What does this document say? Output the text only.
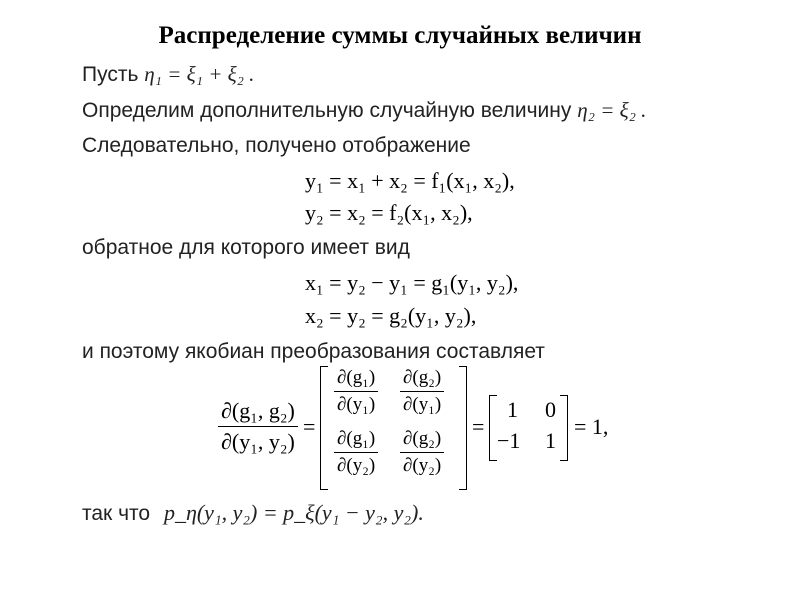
Распределение суммы случайных величин
Пусть η₁ = ξ₁ + ξ₂ .
Определим дополнительную случайную величину η₂ = ξ₂ .
Следовательно, получено отображение
y₁ = x₁ + x₂ = f₁(x₁, x₂),
y₂ = x₂ = f₂(x₁, x₂),
обратное для которого имеет вид
x₁ = y₂ − y₁ = g₁(y₁, y₂),
x₂ = y₂ = g₂(y₁, y₂),
и поэтому якобиан преобразования составляет
$\frac{\text{∂(g₁, g₂)}}{\text{∂(y₁, y₂)}}$ =
$\frac{\text{∂(g₁)}}{\text{∂(y₁)}} \frac{\text{∂(g₂)}}{\text{∂(y₁)}}$
$\frac{\text{∂(g₁)}}{\text{∂(y₂)}} \frac{\text{∂(g₂)}}{\text{∂(y₂)}}$
=
1 0
−1 1
= 1,
так что p_η(y₁, y₂) = p_ξ(y₁ − y₂, y₂).
